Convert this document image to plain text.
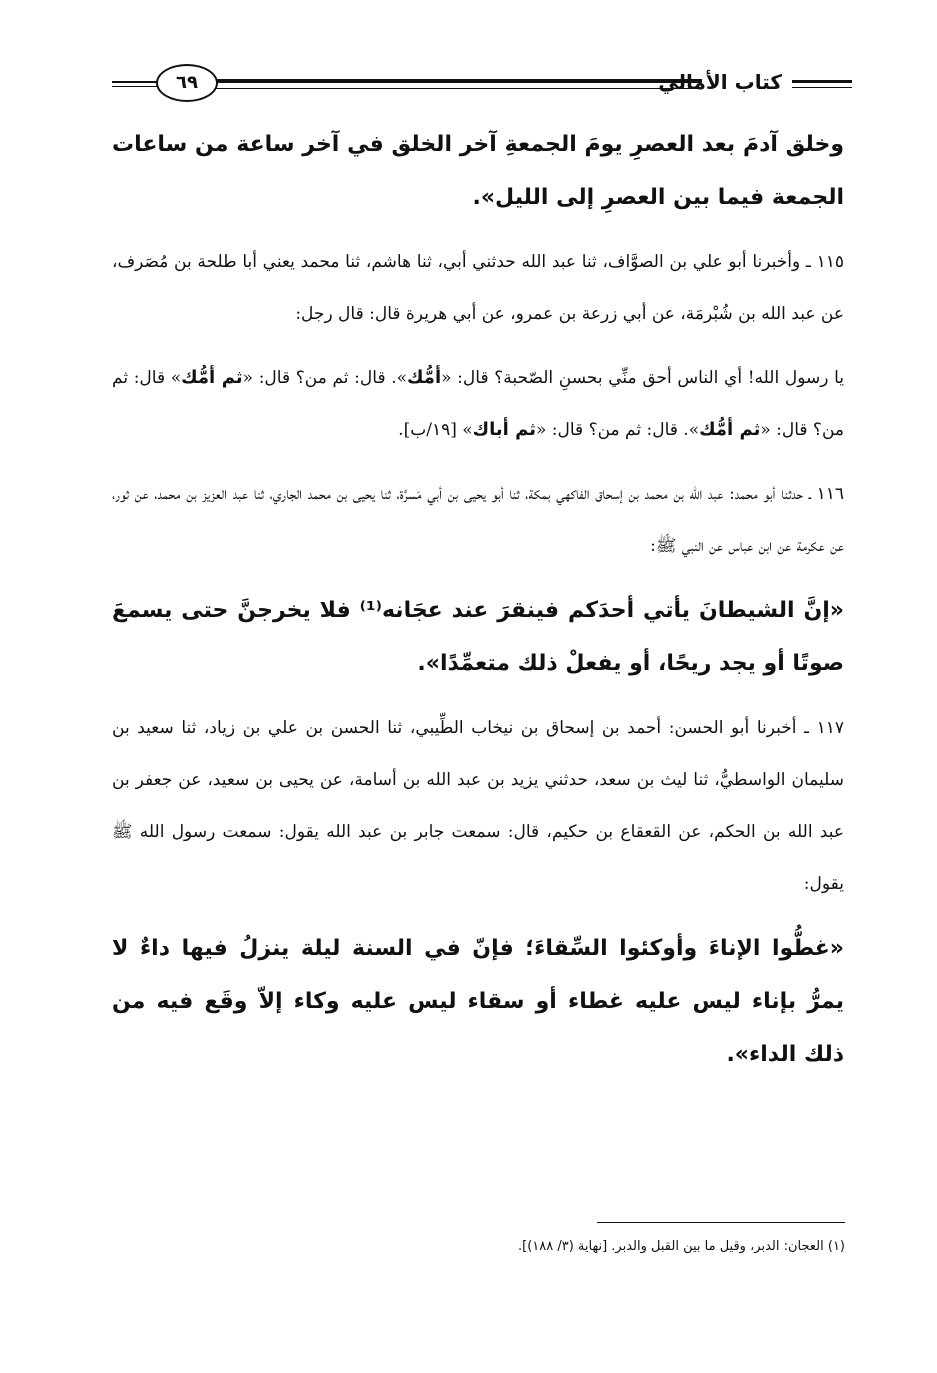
كتاب الأمالي
٦٩

وخلق آدمَ بعد العصرِ يومَ الجمعةِ آخر الخلق في آخر ساعة من ساعات الجمعة فيما بين العصرِ إلى الليل».

١١٥ ـ وأخبرنا أبو علي بن الصوَّاف، ثنا عبد الله حدثني أبي، ثنا هاشم، ثنا محمد يعني أبا طلحة بن مُصَرف، عن عبد الله بن شُبْرمَة، عن أبي زرعة بن عمرو، عن أبي هريرة قال: قال رجل:

يا رسول الله! أي الناس أحق منِّي بحسنِ الصّحبة؟ قال: «أمُّك». قال: ثم من؟ قال: «ثم أمُّك» قال: ثم من؟ قال: «ثم أمُّك». قال: ثم من؟ قال: «ثم أباك» [١٩/ب].

١١٦ ـ حدثنا أبو محمد: عبد الله بن محمد بن إسحاق الفاكهي بمكة، ثنا أبو يحيى بن أبي مَسرَّة، ثنا يحيى بن محمد الجاري، ثنا عبد العزيز بن محمد، عن ثور، عن عكرمة عن ابن عباس عن النبي ﷺ:

«إنَّ الشيطانَ يأتي أحدَكم فينقرَ عند عجَانه⁽¹⁾ فلا يخرجنَّ حتى يسمعَ صوتًا أو يجد ريحًا، أو يفعلْ ذلك متعمِّدًا».

١١٧ ـ أخبرنا أبو الحسن: أحمد بن إسحاق بن نيخاب الطِّيبي، ثنا الحسن بن علي بن زياد، ثنا سعيد بن سليمان الواسطيُّ، ثنا ليث بن سعد، حدثني يزيد بن عبد الله بن أسامة، عن يحيى بن سعيد، عن جعفر بن عبد الله بن الحكم، عن القعقاع بن حكيم، قال: سمعت جابر بن عبد الله يقول: سمعت رسول الله ﷺ يقول:

«غطُّوا الإناءَ وأوكئوا السِّقاءَ؛ فإنّ في السنة ليلة ينزلُ فيها داءٌ لا يمرُّ بإناء ليس عليه غطاء أو سقاء ليس عليه وكاء إلاّ وقَع فيه من ذلك الداء».

(١) العجان: الدبر، وقيل ما بين القبل والدبر. [نهاية (٣/ ١٨٨)].
